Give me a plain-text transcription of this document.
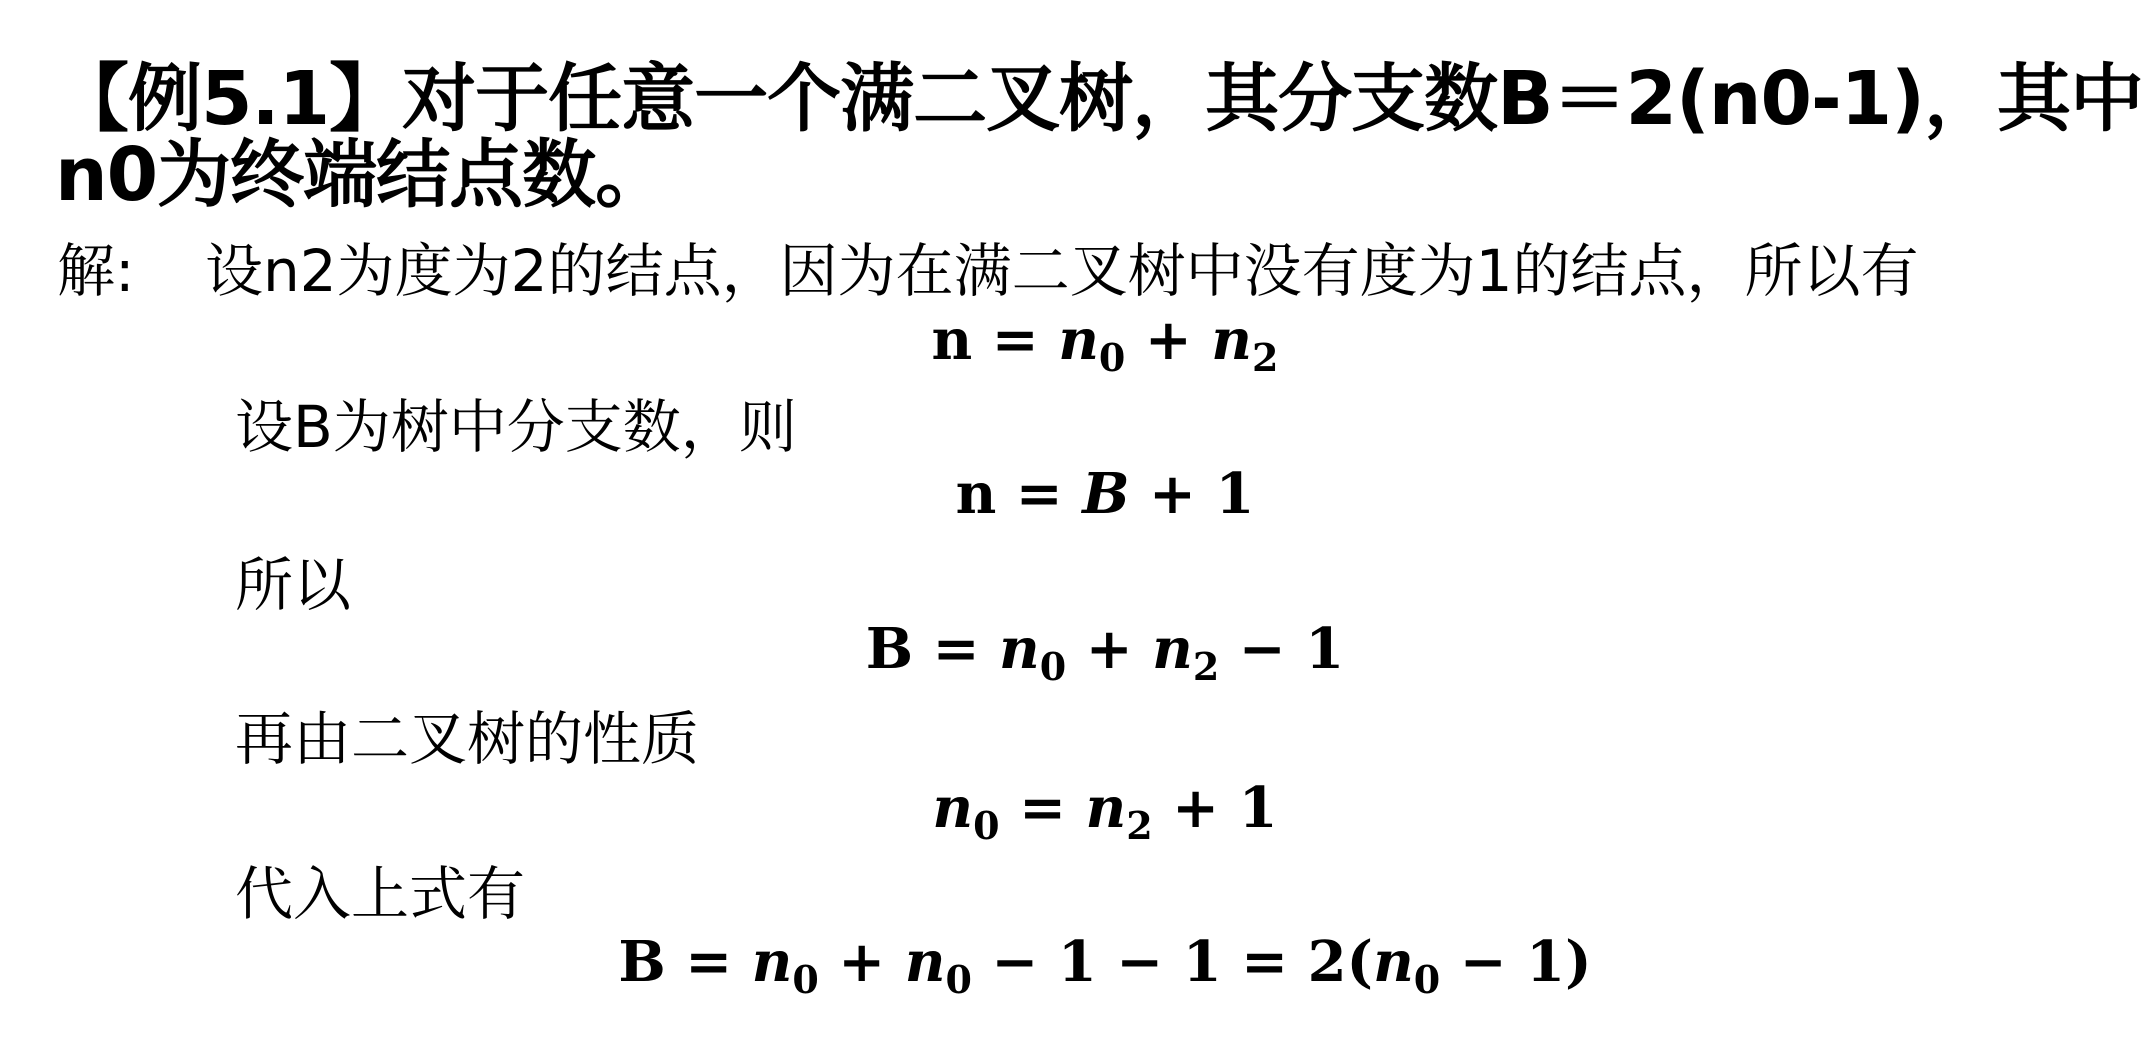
【例5.1】对于任意一个满二叉树，其分支数B＝2(n0-1)，其中
n0为终端结点数。
解: 设n2为度为2的结点，因为在满二叉树中没有度为1的结点，所以有
$n = n_0 + n_2$
设B为树中分支数，则
n = B + 1
所以
$B = n_0 + n_2 - 1$
再由二叉树的性质
$n_0 = n_2 + 1$
代入上式有
$B = n_0 + n_0 - 1 - 1 = 2(n_0 - 1)$
